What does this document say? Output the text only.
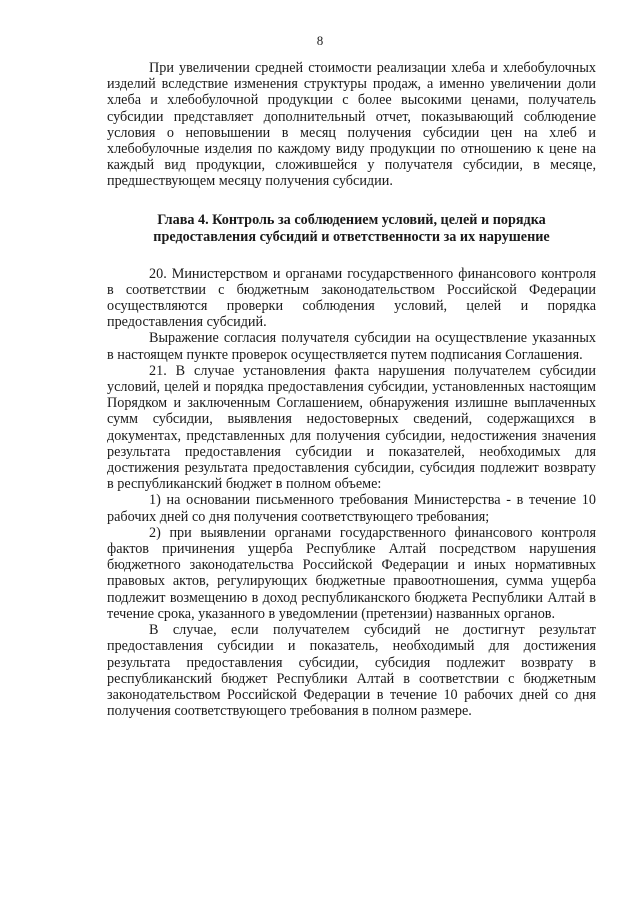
8

При увеличении средней стоимости реализации хлеба и хлебобулочных изделий вследствие изменения структуры продаж, а именно увеличении доли хлеба и хлебобулочной продукции с более высокими ценами, получатель субсидии представляет дополнительный отчет, показывающий соблюдение условия о неповышении в месяц получения субсидии цен на хлеб и хлебобулочные изделия по каждому виду продукции по отношению к цене на каждый вид продукции, сложившейся у получателя субсидии, в месяце, предшествующем месяцу получения субсидии.

Глава 4. Контроль за соблюдением условий, целей и порядка предоставления субсидий и ответственности за их нарушение

20. Министерством и органами государственного финансового контроля в соответствии с бюджетным законодательством Российской Федерации осуществляются проверки соблюдения условий, целей и порядка предоставления субсидий.

Выражение согласия получателя субсидии на осуществление указанных в настоящем пункте проверок осуществляется путем подписания Соглашения.

21. В случае установления факта нарушения получателем субсидии условий, целей и порядка предоставления субсидии, установленных настоящим Порядком и заключенным Соглашением, обнаружения излишне выплаченных сумм субсидии, выявления недостоверных сведений, содержащихся в документах, представленных для получения субсидии, недостижения значения результата предоставления субсидии и показателей, необходимых для достижения результата предоставления субсидии, субсидия подлежит возврату в республиканский бюджет в полном объеме:

1) на основании письменного требования Министерства - в течение 10 рабочих дней со дня получения соответствующего требования;

2) при выявлении органами государственного финансового контроля фактов причинения ущерба Республике Алтай посредством нарушения бюджетного законодательства Российской Федерации и иных нормативных правовых актов, регулирующих бюджетные правоотношения, сумма ущерба подлежит возмещению в доход республиканского бюджета Республики Алтай в течение срока, указанного в уведомлении (претензии) названных органов.

В случае, если получателем субсидий не достигнут результат предоставления субсидии и показатель, необходимый для достижения результата предоставления субсидии, субсидия подлежит возврату в республиканский бюджет Республики Алтай в соответствии с бюджетным законодательством Российской Федерации в течение 10 рабочих дней со дня получения соответствующего требования в полном размере.
